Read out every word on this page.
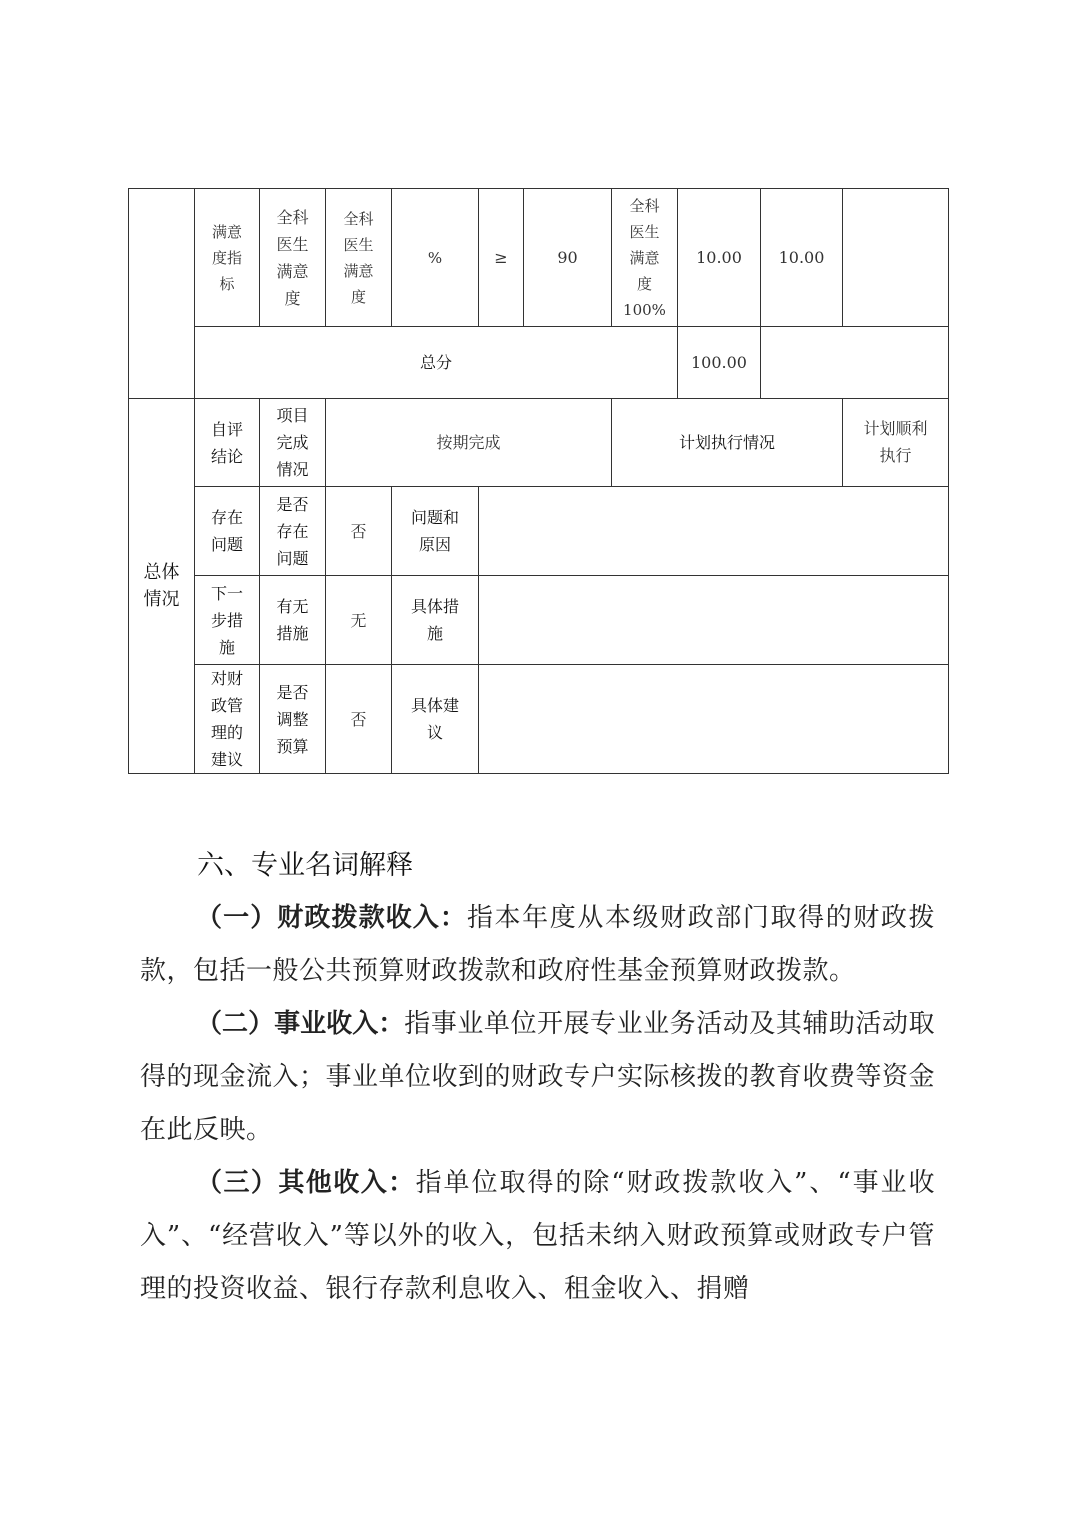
	满意
度指
标	全科
医生
满意
度	全科
医生
满意
度	%	≥	90	全科
医生
满意
度
100%	10.00	10.00	
	总分							100.00		
总体
情况	自评
结论	项目
完成
情况	按期完成				计划执行情况			计划顺利
执行
	存在
问题	是否
存在
问题	否	问题和
原因						
	下一
步措
施	有无
措施	无	具体措
施						
	对财
政管
理的
建议	是否
调整
预算	否	具体建
议						
六、专业名词解释

（一）财政拨款收入：指本年度从本级财政部门取得的财政拨款，包括一般公共预算财政拨款和政府性基金预算财政拨款。

（二）事业收入：指事业单位开展专业业务活动及其辅助活动取得的现金流入；事业单位收到的财政专户实际核拨的教育收费等资金在此反映。

（三）其他收入：指单位取得的除“财政拨款收入”、“事业收入”、“经营收入”等以外的收入，包括未纳入财政预算或财政专户管理的投资收益、银行存款利息收入、租金收入、捐赠
